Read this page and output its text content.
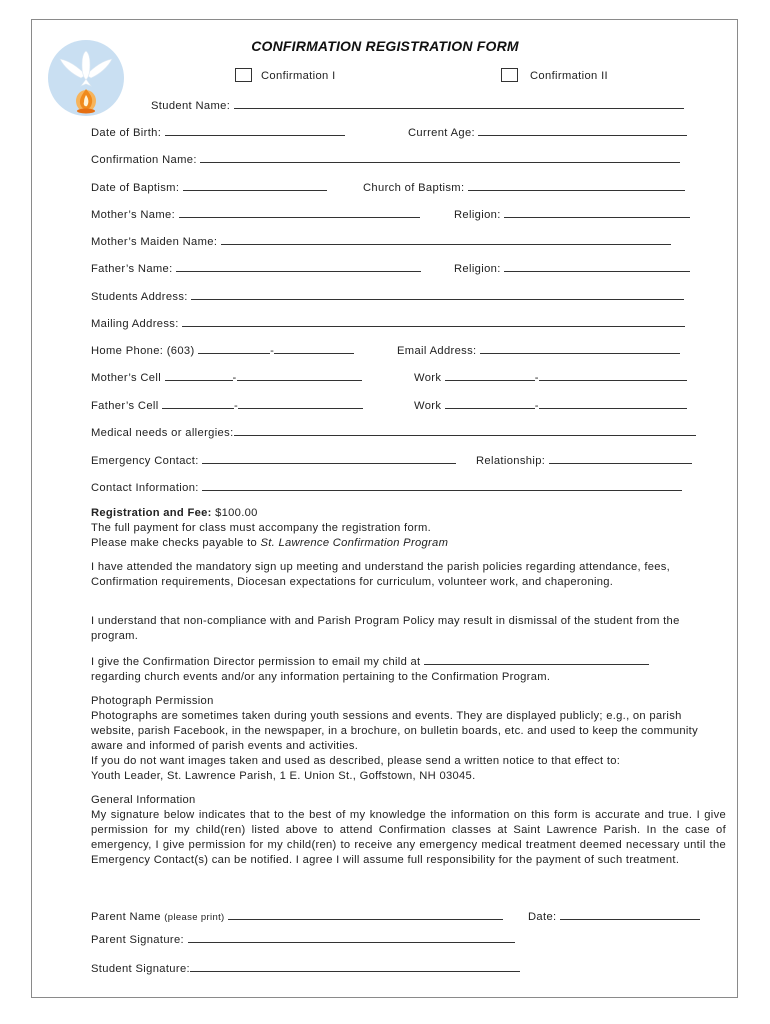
CONFIRMATION REGISTRATION FORM
Confirmation I	Confirmation II
Student Name:
Date of Birth:	Current Age:
Confirmation Name:
Date of Baptism:	Church of Baptism:
Mother’s Name:	Religion:
Mother’s Maiden Name:
Father’s Name:	Religion:
Students Address:
Mailing Address:
Home Phone: (603)	-	Email Address:
Mother’s Cell	-	Work	-
Father’s Cell	-	Work	-
Medical needs or allergies:
Emergency Contact:	Relationship:
Contact Information:

Registration and Fee: $100.00

The full payment for class must accompany the registration form.

Please make checks payable to St. Lawrence Confirmation Program

I have attended the mandatory sign up meeting and understand the parish policies regarding attendance, fees, Confirmation requirements, Diocesan expectations for curriculum, volunteer work, and chaperoning.

I understand that non-compliance with and Parish Program Policy may result in dismissal of the student from the program.

I give the Confirmation Director permission to email my child at

regarding church events and/or any information pertaining to the Confirmation Program.

Photograph Permission

Photographs are sometimes taken during youth sessions and events. They are displayed publicly; e.g., on parish website, parish Facebook, in the newspaper, in a brochure, on bulletin boards, etc. and used to keep the community aware and informed of parish events and activities.

If you do not want images taken and used as described, please send a written notice to that effect to:

Youth Leader, St. Lawrence Parish, 1 E. Union St., Goffstown, NH 03045.

General Information

My signature below indicates that to the best of my knowledge the information on this form is accurate and true. I give permission for my child(ren) listed above to attend Confirmation classes at Saint Lawrence Parish. In the case of emergency, I give permission for my child(ren) to receive any emergency medical treatment deemed necessary until the Emergency Contact(s) can be notified. I agree I will assume full responsibility for the payment of such treatment.

Parent Name (please print)	Date:
Parent Signature:
Student Signature:
